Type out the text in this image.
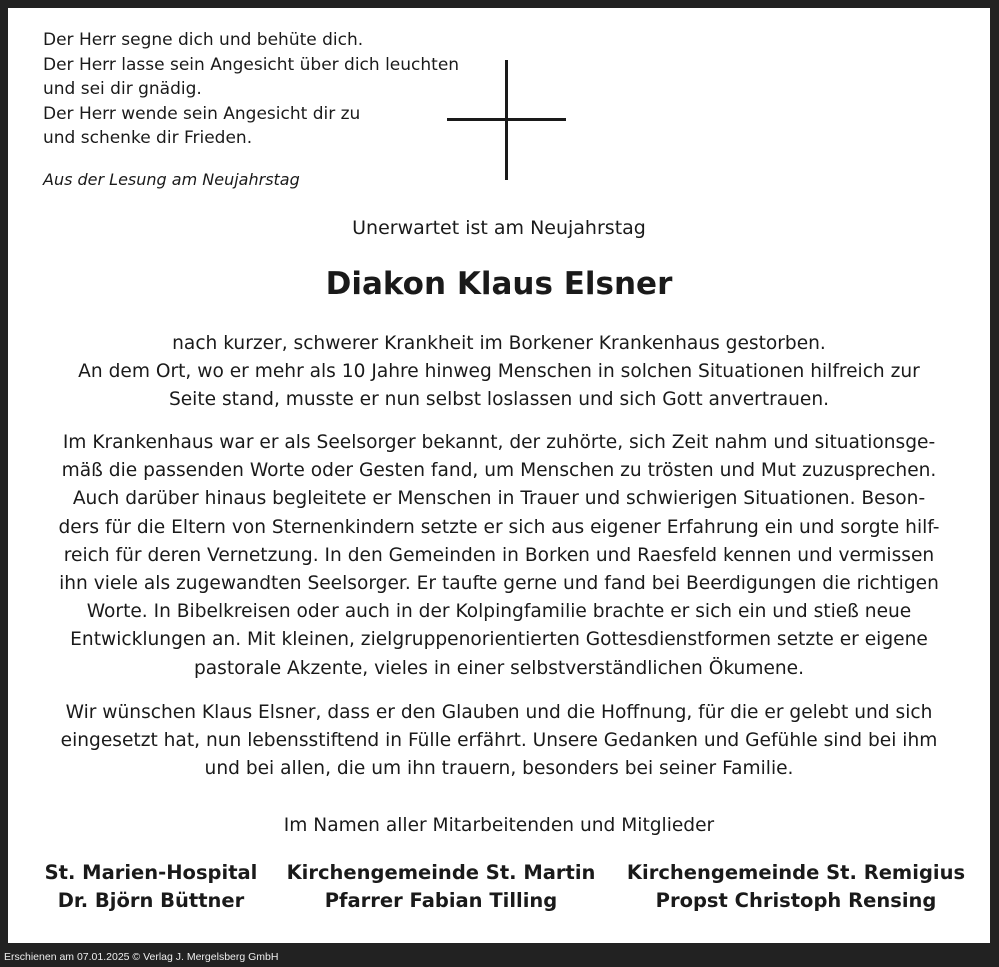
Der Herr segne dich und behüte dich.
Der Herr lasse sein Angesicht über dich leuchten
und sei dir gnädig.
Der Herr wende sein Angesicht dir zu
und schenke dir Frieden.
Aus der Lesung am Neujahrstag
Unerwartet ist am Neujahrstag
Diakon Klaus Elsner
nach kurzer, schwerer Krankheit im Borkener Krankenhaus gestorben.
An dem Ort, wo er mehr als 10 Jahre hinweg Menschen in solchen Situationen hilfreich zur
Seite stand, musste er nun selbst loslassen und sich Gott anvertrauen.
Im Krankenhaus war er als Seelsorger bekannt, der zuhörte, sich Zeit nahm und situationsge-
mäß die passenden Worte oder Gesten fand, um Menschen zu trösten und Mut zuzusprechen.
Auch darüber hinaus begleitete er Menschen in Trauer und schwierigen Situationen. Beson-
ders für die Eltern von Sternenkindern setzte er sich aus eigener Erfahrung ein und sorgte hilf-
reich für deren Vernetzung. In den Gemeinden in Borken und Raesfeld kennen und vermissen
ihn viele als zugewandten Seelsorger. Er taufte gerne und fand bei Beerdigungen die richtigen
Worte. In Bibelkreisen oder auch in der Kolpingfamilie brachte er sich ein und stieß neue
Entwicklungen an. Mit kleinen, zielgruppenorientierten Gottesdienstformen setzte er eigene
pastorale Akzente, vieles in einer selbstverständlichen Ökumene.
Wir wünschen Klaus Elsner, dass er den Glauben und die Hoffnung, für die er gelebt und sich
eingesetzt hat, nun lebensstiftend in Fülle erfährt. Unsere Gedanken und Gefühle sind bei ihm
und bei allen, die um ihn trauern, besonders bei seiner Familie.
Im Namen aller Mitarbeitenden und Mitglieder
St. Marien-Hospital
Dr. Björn Büttner
Kirchengemeinde St. Martin
Pfarrer Fabian Tilling
Kirchengemeinde St. Remigius
Propst Christoph Rensing
Erschienen am 07.01.2025 © Verlag J. Mergelsberg GmbH
